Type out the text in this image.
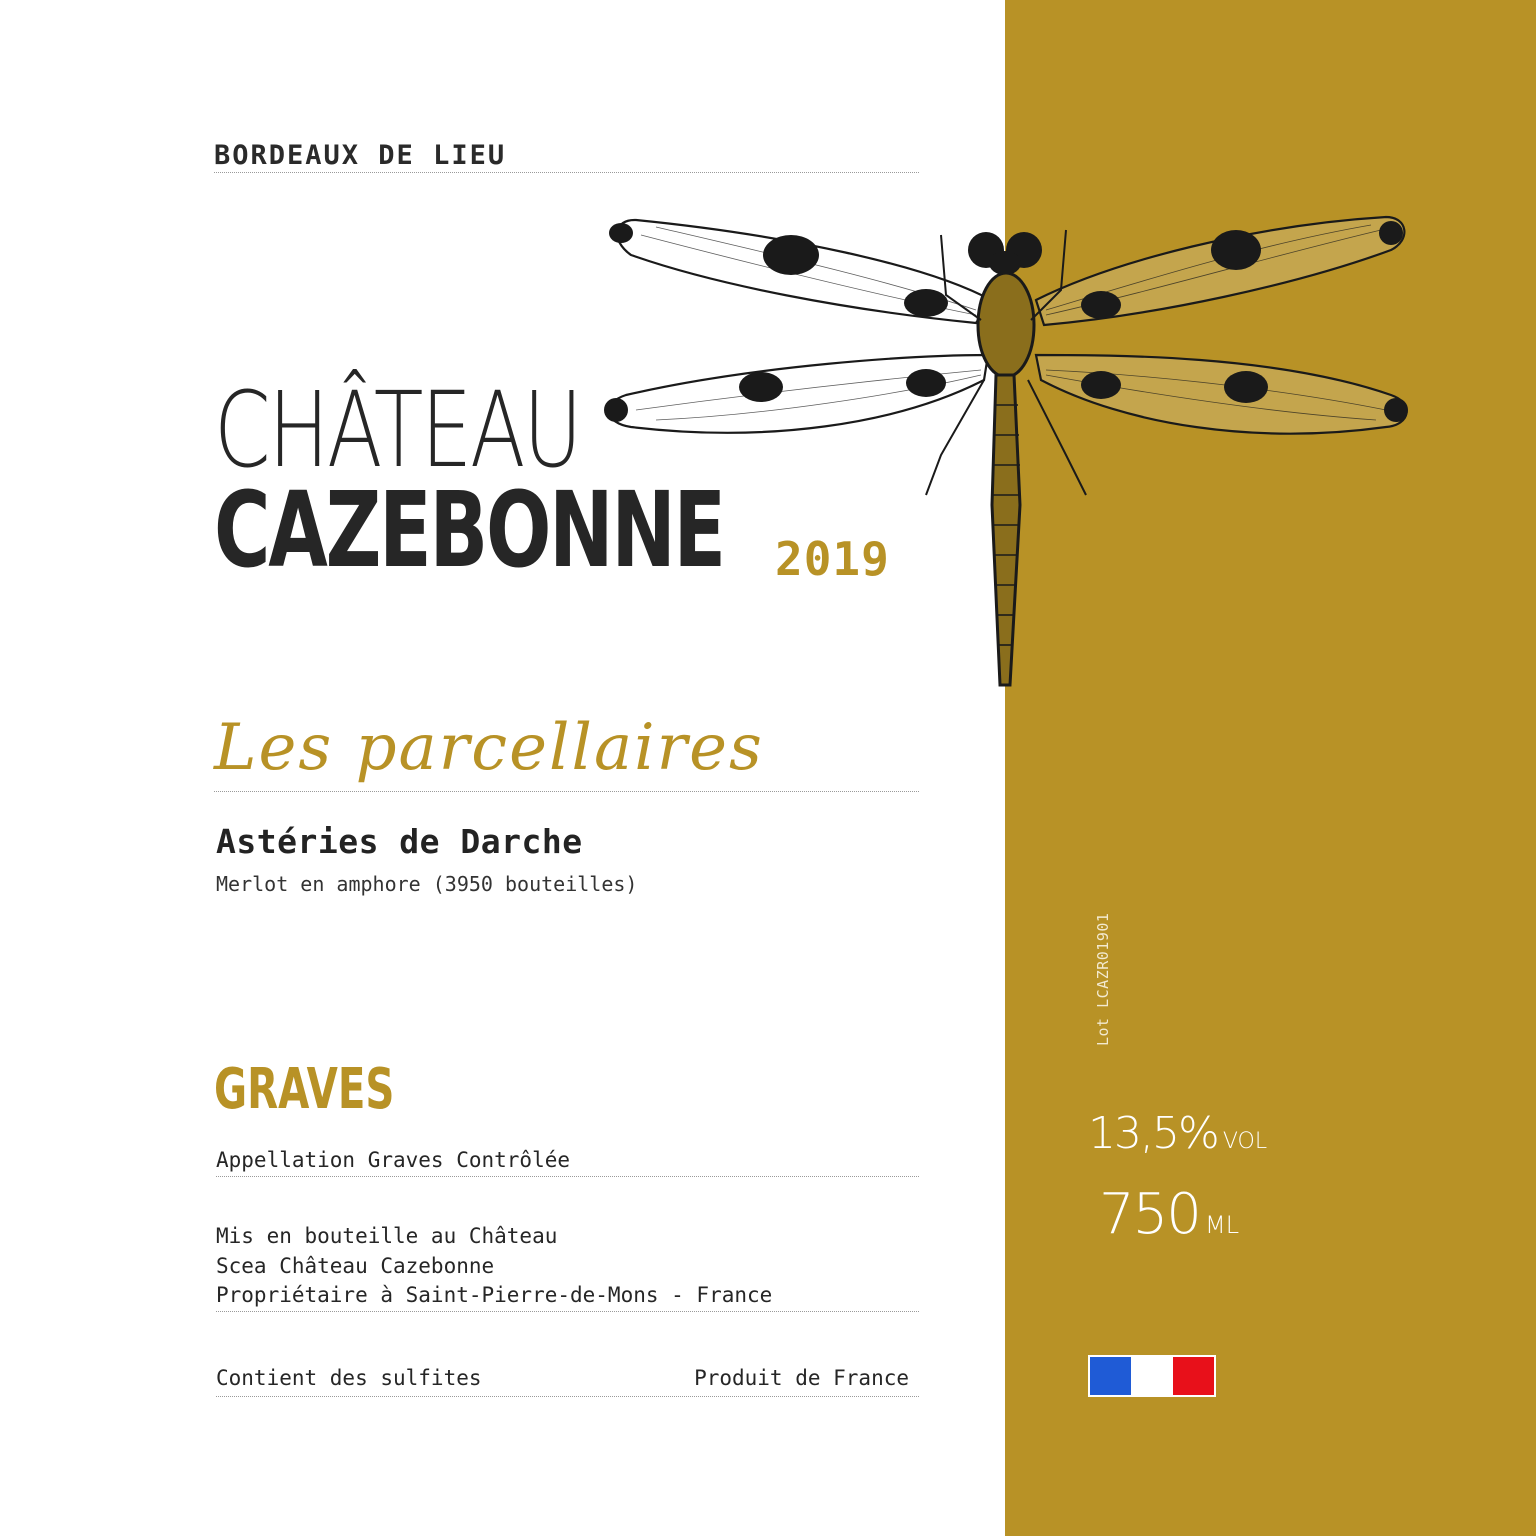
BORDEAUX DE LIEU
CHÂTEAU
CAZEBONNE 2019
Les parcellaires
Astéries de Darche
Merlot en amphore (3950 bouteilles)
GRAVES
Appellation Graves Contrôlée
Mis en bouteille au Château
Scea Château Cazebonne
Propriétaire à Saint-Pierre-de-Mons - France
Contient des sulfites	Produit de France
Lot LCAZR01901
13,5% VOL
750 ML
